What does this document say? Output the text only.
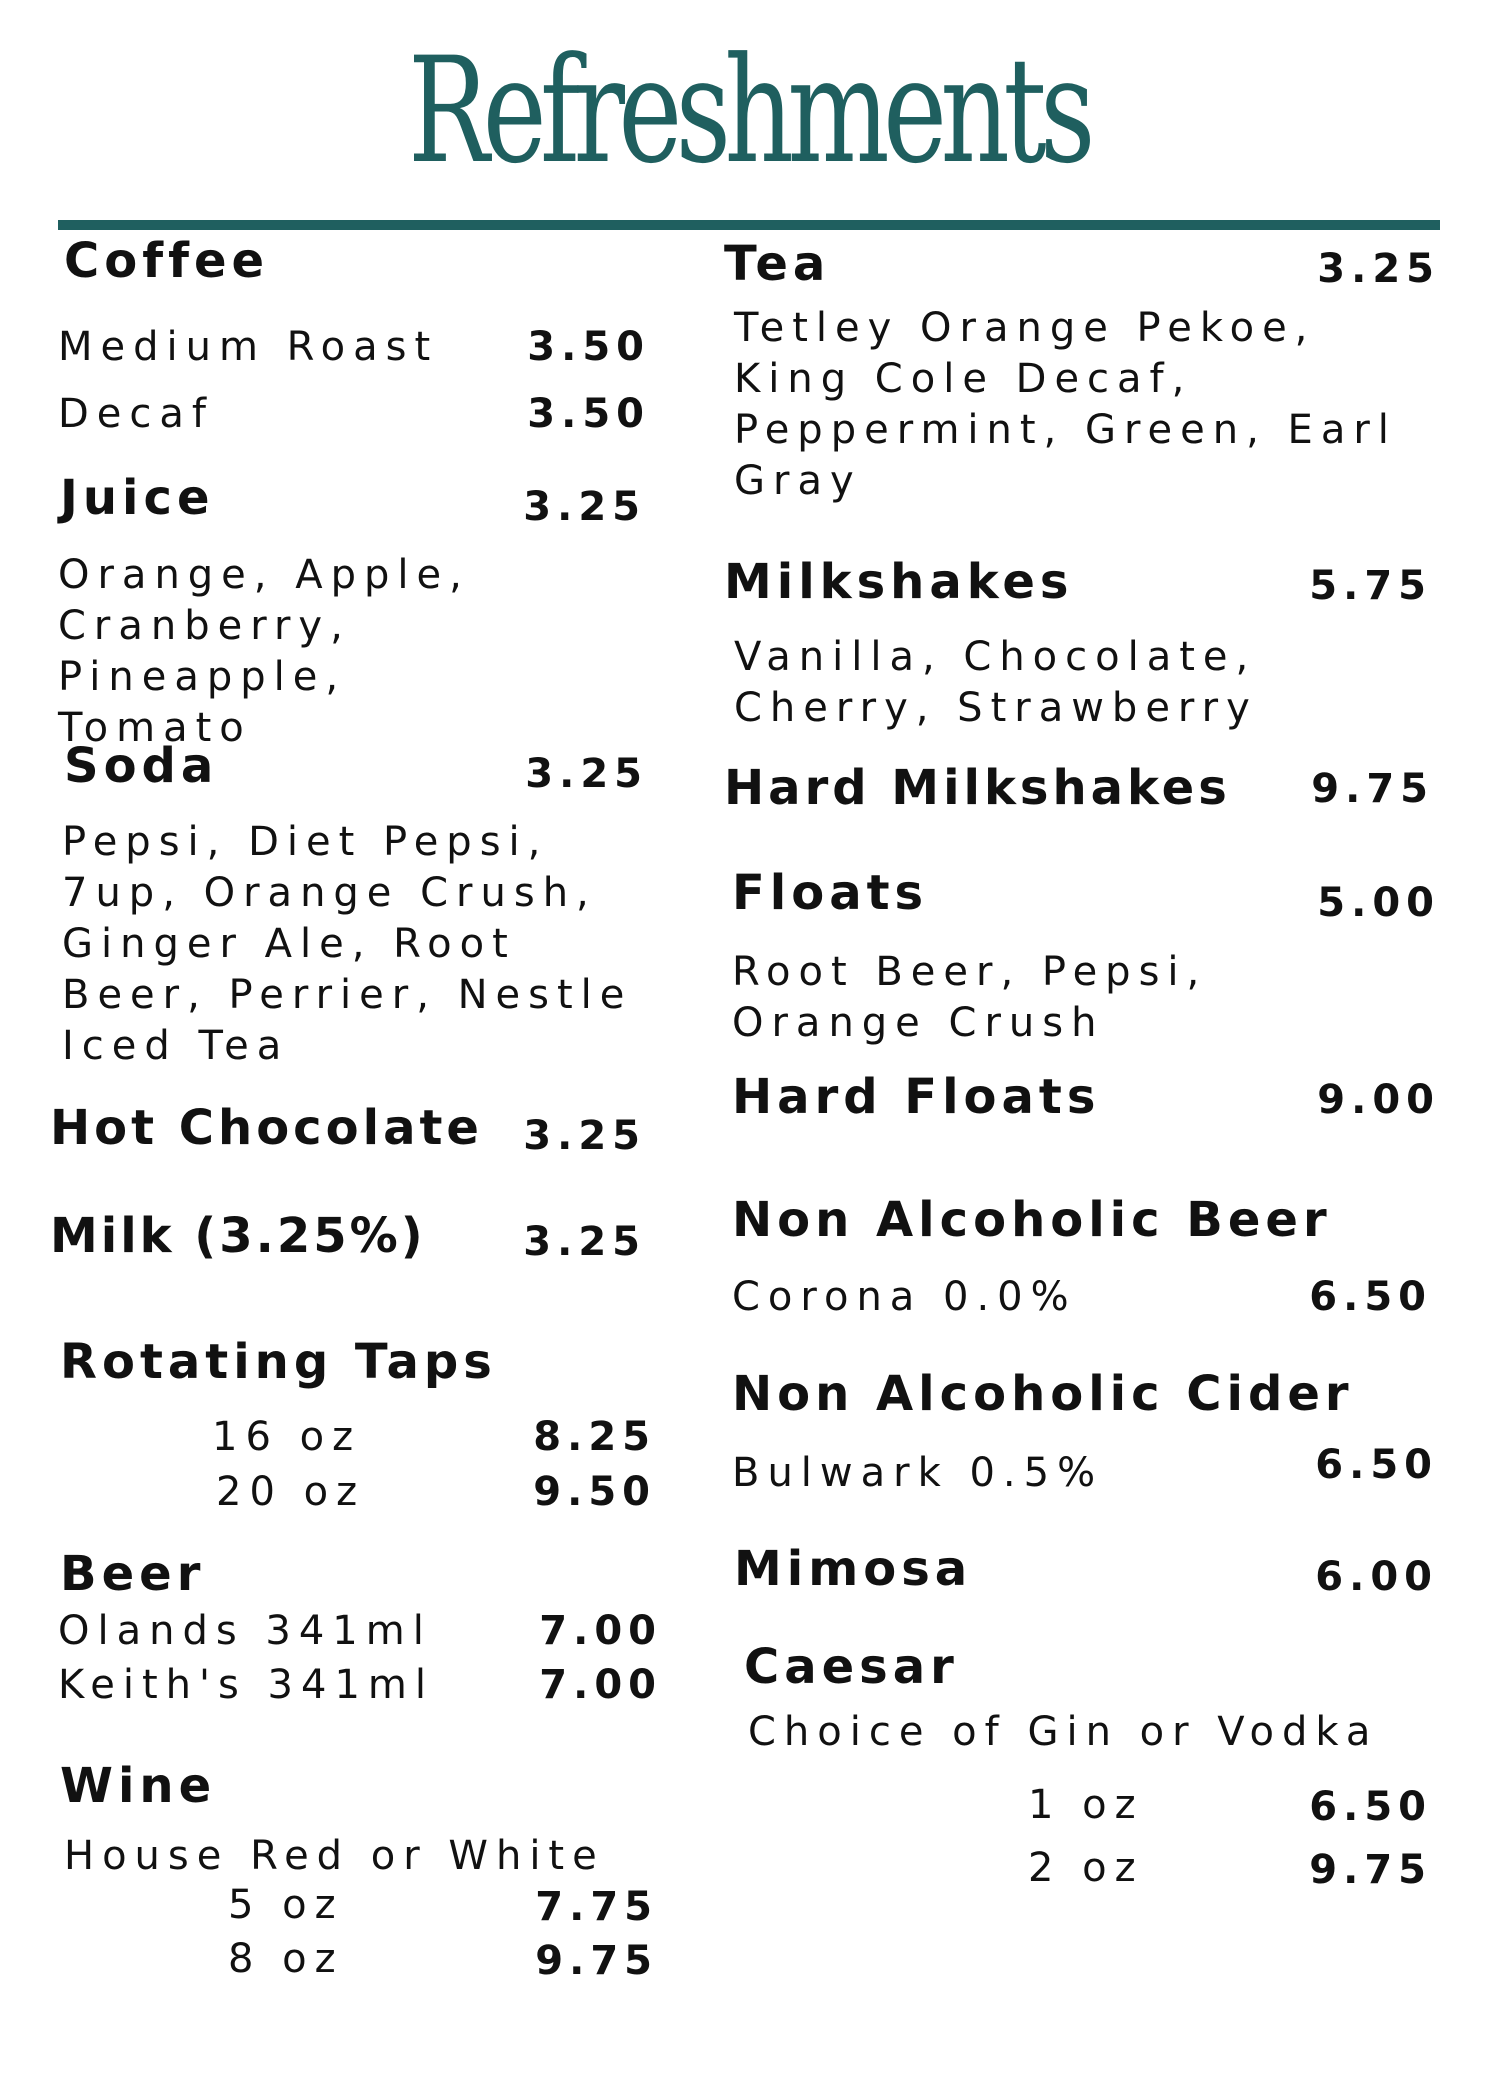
Refreshments
Coffee
Medium Roast	3.50
Decaf	3.50
Juice	3.25
Orange, Apple,
Cranberry, Pineapple,
Tomato
Soda	3.25
Pepsi, Diet Pepsi,
7up, Orange Crush,
Ginger Ale, Root
Beer, Perrier, Nestle
Iced Tea
Hot Chocolate	3.25
Milk (3.25%)	3.25
Rotating Taps
16 oz	8.25
20 oz	9.50
Beer
Olands 341ml	7.00
Keith's 341ml	7.00
Wine
House Red or White
5 oz	7.75
8 oz	9.75
Tea	3.25
Tetley Orange Pekoe,
King Cole Decaf,
Peppermint, Green, Earl
Gray
Milkshakes	5.75
Vanilla, Chocolate,
Cherry, Strawberry
Hard Milkshakes	9.75
Floats	5.00
Root Beer, Pepsi,
Orange Crush
Hard Floats	9.00
Non Alcoholic Beer
Corona 0.0%	6.50
Non Alcoholic Cider
Bulwark 0.5%	6.50
Mimosa	6.00
Caesar
Choice of Gin or Vodka
1 oz	6.50
2 oz	9.75
